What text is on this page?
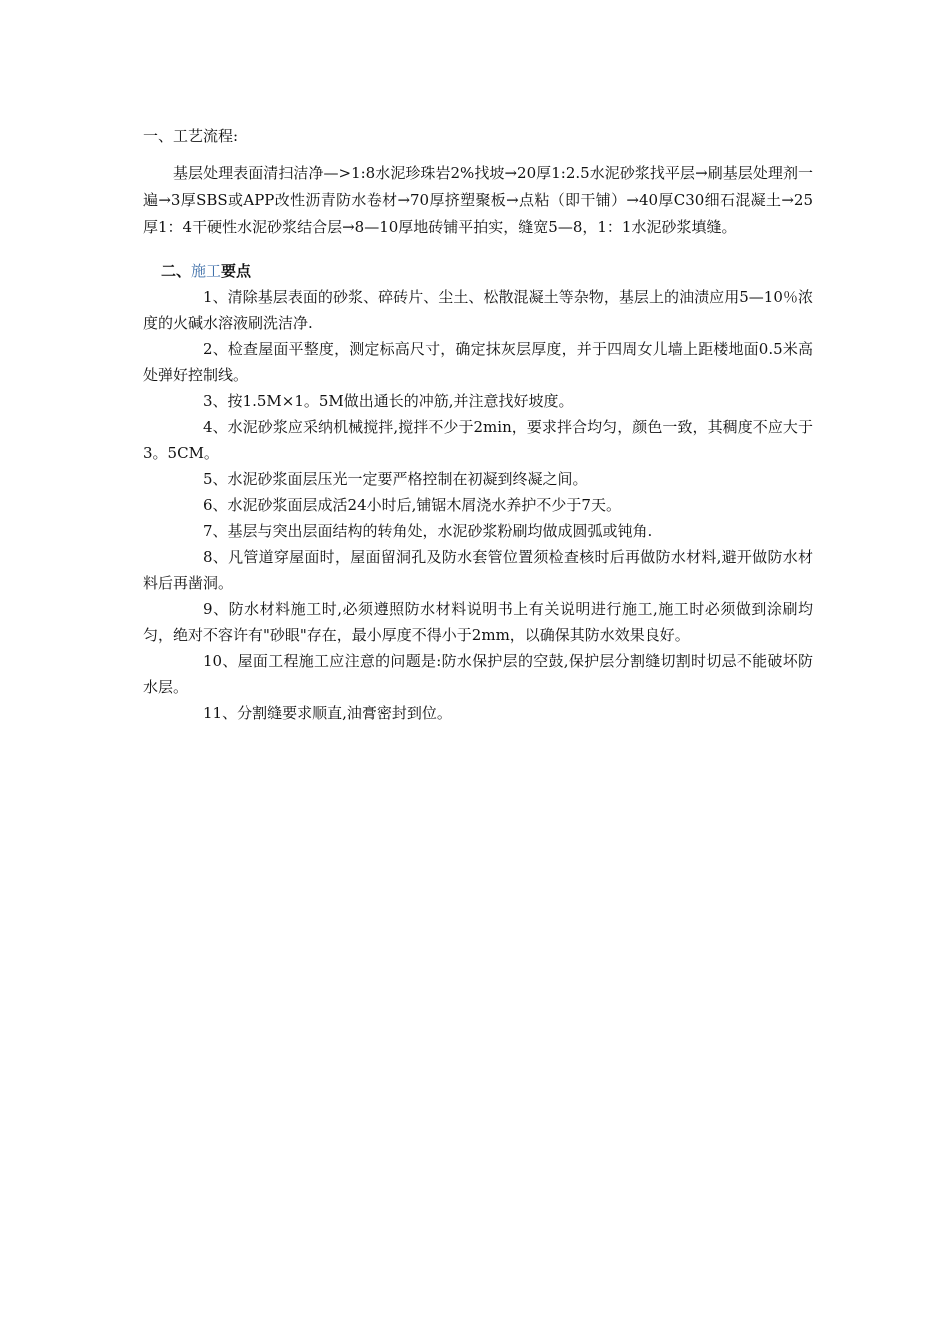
一、工艺流程:

基层处理表面清扫洁净—>1:8水泥珍珠岩2%找坡→20厚1:2.5水泥砂浆找平层→刷基层处理剂一遍→3厚SBS或APP改性沥青防水卷材→70厚挤塑聚板→点粘（即干铺）→40厚C30细石混凝土→25厚1：4干硬性水泥砂浆结合层→8—10厚地砖铺平拍实，缝宽5—8，1：1水泥砂浆填缝。

二、施工要点

1、清除基层表面的砂浆、碎砖片、尘土、松散混凝土等杂物，基层上的油渍应用5—10％浓度的火碱水溶液刷洗洁净.

2、检查屋面平整度，测定标高尺寸，确定抹灰层厚度，并于四周女儿墙上距楼地面0.5米高处弹好控制线。

3、按1.5M×1。5M做出通长的冲筋,并注意找好坡度。

4、水泥砂浆应采纳机械搅拌,搅拌不少于2min，要求拌合均匀，颜色一致，其稠度不应大于3。5CM。

5、水泥砂浆面层压光一定要严格控制在初凝到终凝之间。

6、水泥砂浆面层成活24小时后,铺锯木屑浇水养护不少于7天。

7、基层与突出层面结构的转角处，水泥砂浆粉刷均做成圆弧或钝角.

8、凡管道穿屋面时，屋面留洞孔及防水套管位置须检查核时后再做防水材料,避开做防水材料后再凿洞。

9、防水材料施工时,必须遵照防水材料说明书上有关说明进行施工,施工时必须做到涂刷均匀，绝对不容许有"砂眼"存在，最小厚度不得小于2mm，以确保其防水效果良好。

10、屋面工程施工应注意的问题是:防水保护层的空鼓,保护层分割缝切割时切忌不能破坏防水层。

11、分割缝要求顺直,油膏密封到位。
